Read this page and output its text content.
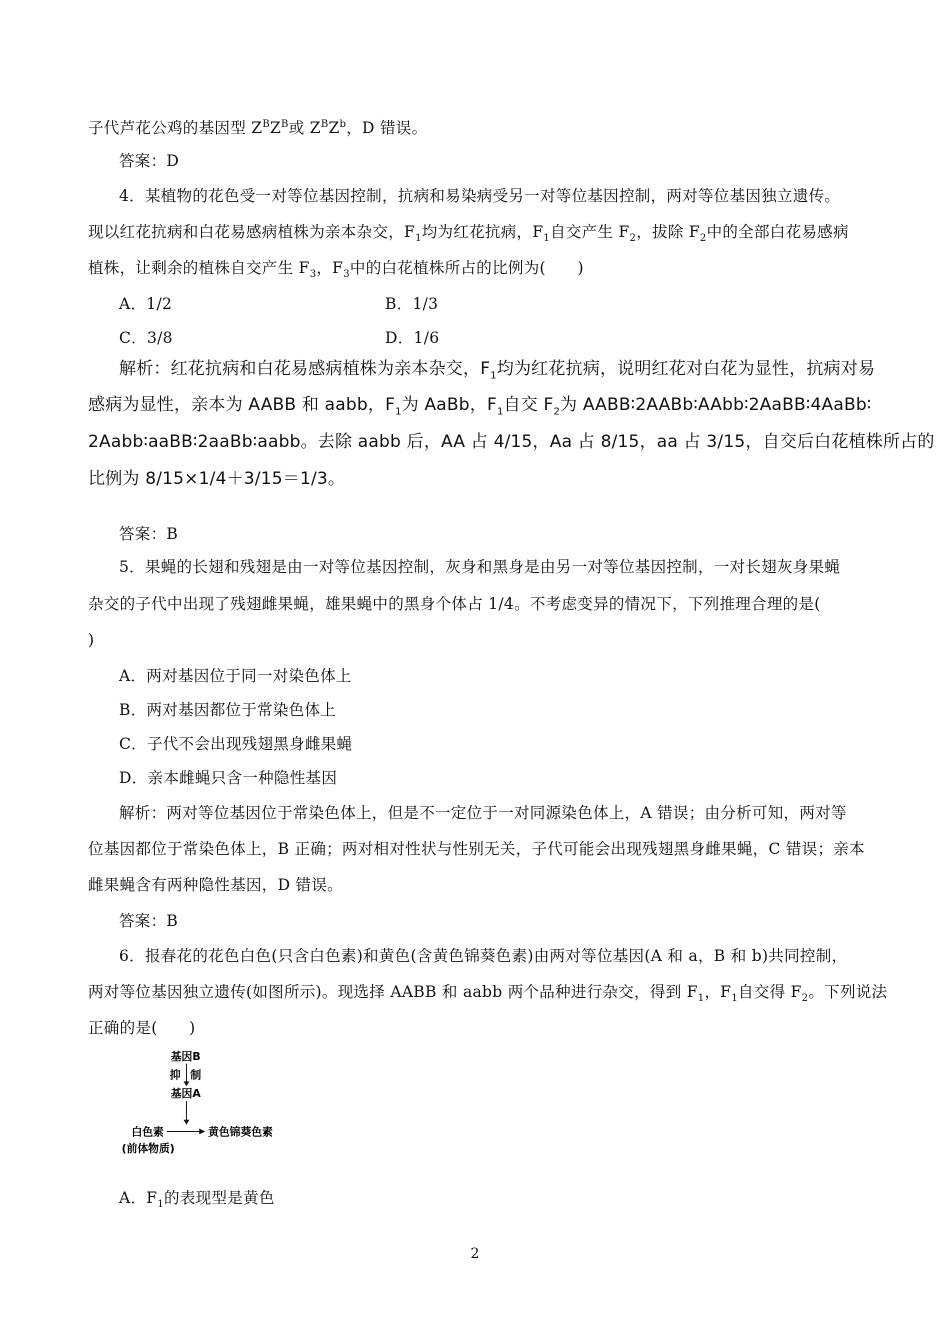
子代芦花公鸡的基因型 $Z^BZ^B$或 $Z^BZ^b$，D 错误。
答案：D
4．某植物的花色受一对等位基因控制，抗病和易染病受另一对等位基因控制，两对等位基因独立遗传。
现以红花抗病和白花易感病植株为亲本杂交，$F_1$均为红花抗病，$F_1$自交产生 $F_2$，拔除 $F_2$中的全部白花易感病
植株，让剩余的植株自交产生 $F_3$，$F_3$中的白花植株所占的比例为(　　)
A．1/2	B．1/3
C．3/8	D．1/6
解析：红花抗病和白花易感病植株为亲本杂交，$F_1$均为红花抗病，说明红花对白花为显性，抗病对易
感病为显性，亲本为 AABB 和 aabb，$F_1$为 AaBb，$F_1$自交 $F_2$为 AABB∶2AABb∶AAbb∶2AaBB∶4AaBb∶
2Aabb∶aaBB∶2aaBb∶aabb。去除 aabb 后，AA 占 4/15，Aa 占 8/15，aa 占 3/15，自交后白花植株所占的
比例为 8/15×1/4＋3/15＝1/3。
答案：B
5．果蝇的长翅和残翅是由一对等位基因控制，灰身和黑身是由另一对等位基因控制，一对长翅灰身果蝇
杂交的子代中出现了残翅雌果蝇，雄果蝇中的黑身个体占 1/4。不考虑变异的情况下，下列推理合理的是(
)
A．两对基因位于同一对染色体上
B．两对基因都位于常染色体上
C．子代不会出现残翅黑身雌果蝇
D．亲本雌蝇只含一种隐性基因
解析：两对等位基因位于常染色体上，但是不一定位于一对同源染色体上，A 错误；由分析可知，两对等
位基因都位于常染色体上，B 正确；两对相对性状与性别无关，子代可能会出现残翅黑身雌果蝇，C 错误；亲本
雌果蝇含有两种隐性基因，D 错误。
答案：B
6．报春花的花色白色(只含白色素)和黄色(含黄色锦葵色素)由两对等位基因(A 和 a，B 和 b)共同控制，
两对等位基因独立遗传(如图所示)。现选择 AABB 和 aabb 两个品种进行杂交，得到 $F_1$，$F_1$自交得 $F_2$。下列说法
正确的是(　　)
基因B
抑 制
基因A
白色素	黄色锦葵色素
(前体物质)
A．$F_1$的表现型是黄色
2
